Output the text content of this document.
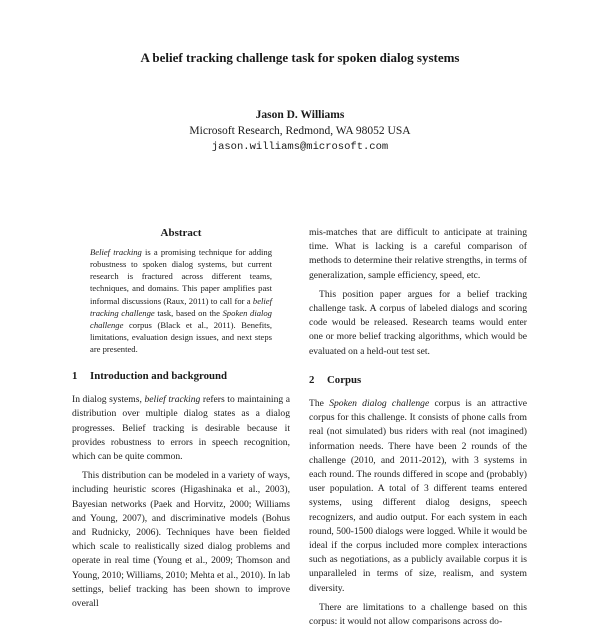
A belief tracking challenge task for spoken dialog systems
Jason D. Williams
Microsoft Research, Redmond, WA 98052 USA
jason.williams@microsoft.com
Abstract

Belief tracking is a promising technique for adding robustness to spoken dialog systems, but current research is fractured across different teams, techniques, and domains. This paper amplifies past informal discussions (Raux, 2011) to call for a belief tracking challenge task, based on the Spoken dialog challenge corpus (Black et al., 2011). Benefits, limitations, evaluation design issues, and next steps are presented.

1 Introduction and background

In dialog systems, belief tracking refers to maintaining a distribution over multiple dialog states as a dialog progresses. Belief tracking is desirable because it provides robustness to errors in speech recognition, which can be quite common.

This distribution can be modeled in a variety of ways, including heuristic scores (Higashinaka et al., 2003), Bayesian networks (Paek and Horvitz, 2000; Williams and Young, 2007), and discriminative models (Bohus and Rudnicky, 2006). Techniques have been fielded which scale to realistically sized dialog problems and operate in real time (Young et al., 2009; Thomson and Young, 2010; Williams, 2010; Mehta et al., 2010). In lab settings, belief tracking has been shown to improve overall

mis-matches that are difficult to anticipate at training time. What is lacking is a careful comparison of methods to determine their relative strengths, in terms of generalization, sample efficiency, speed, etc.

This position paper argues for a belief tracking challenge task. A corpus of labeled dialogs and scoring code would be released. Research teams would enter one or more belief tracking algorithms, which would be evaluated on a held-out test set.

2 Corpus

The Spoken dialog challenge corpus is an attractive corpus for this challenge. It consists of phone calls from real (not simulated) bus riders with real (not imagined) information needs. There have been 2 rounds of the challenge (2010, and 2011-2012), with 3 systems in each round. The rounds differed in scope and (probably) user population. A total of 3 different teams entered systems, using different dialog designs, speech recognizers, and audio output. For each system in each round, 500-1500 dialogs were logged. While it would be ideal if the corpus included more complex interactions such as negotiations, as a publicly available corpus it is unparalleled in terms of size, realism, and system diversity.

There are limitations to a challenge based on this corpus: it would not allow comparisons across do-
